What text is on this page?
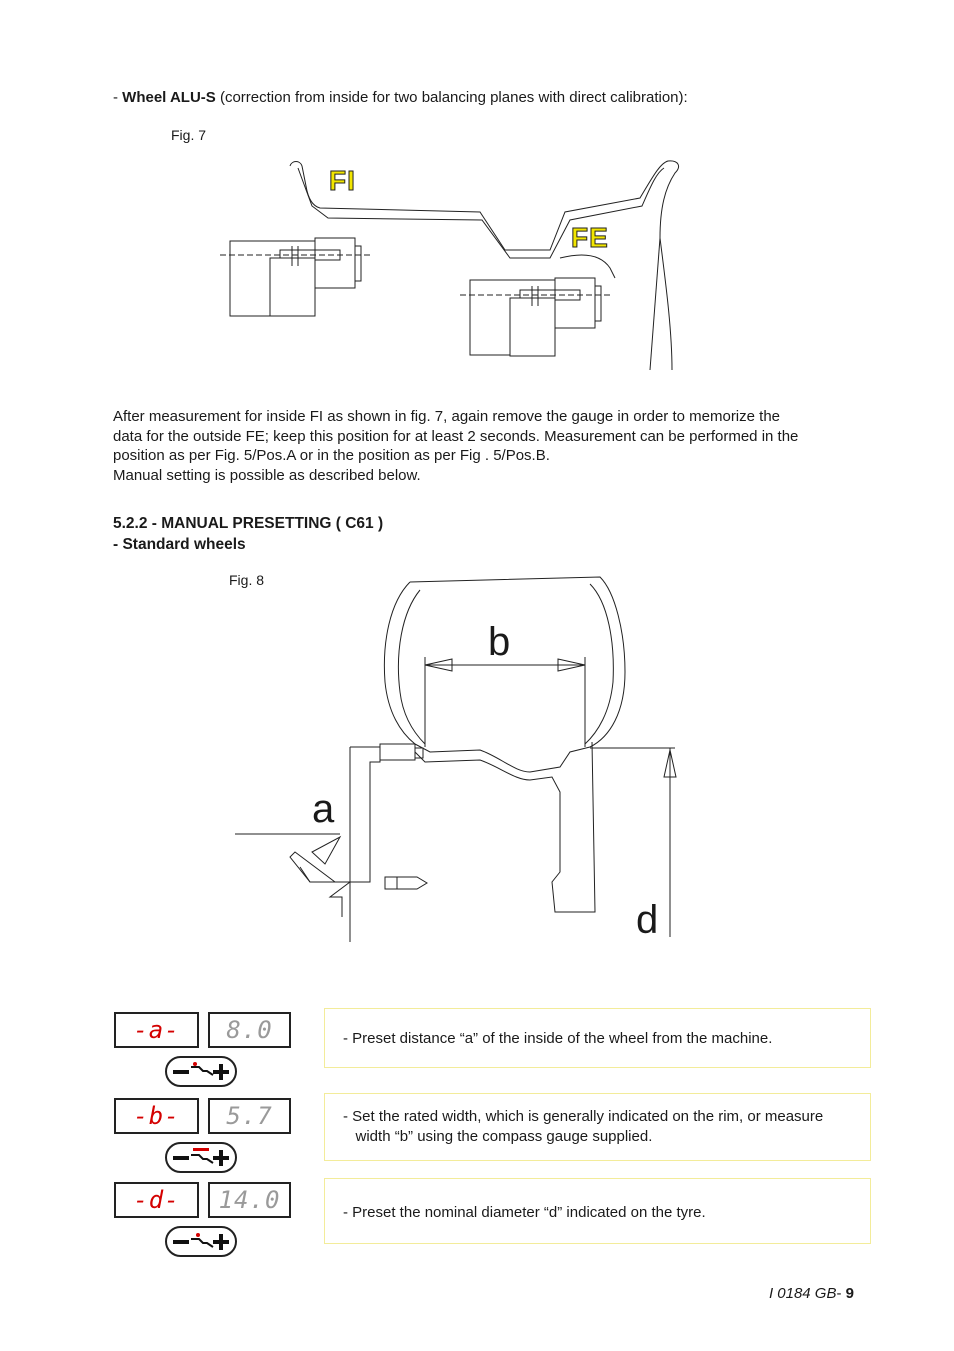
- Wheel ALU-S (correction from inside for two balancing planes with direct calibration):
Fig. 7
FI
FE
After measurement for inside FI as shown in fig. 7, again remove the gauge in order to memorize the
data for the outside FE; keep this position for at least 2 seconds. Measurement can be performed in the
position as per Fig. 5/Pos.A or in the position as per Fig . 5/Pos.B.
Manual setting is possible as described below.
5.2.2 - MANUAL PRESETTING ( C61 )
- Standard wheels
Fig. 8
b
a
d
-a- 8.0	- Preset distance “a” of the inside of the wheel from the machine.
-b- 5.7	- Set the rated width, which is generally indicated on the rim, or measure
width “b” using the compass gauge supplied.
-d- 14.0	- Preset the nominal diameter “d” indicated on the tyre.
I 0184 GB- 9
